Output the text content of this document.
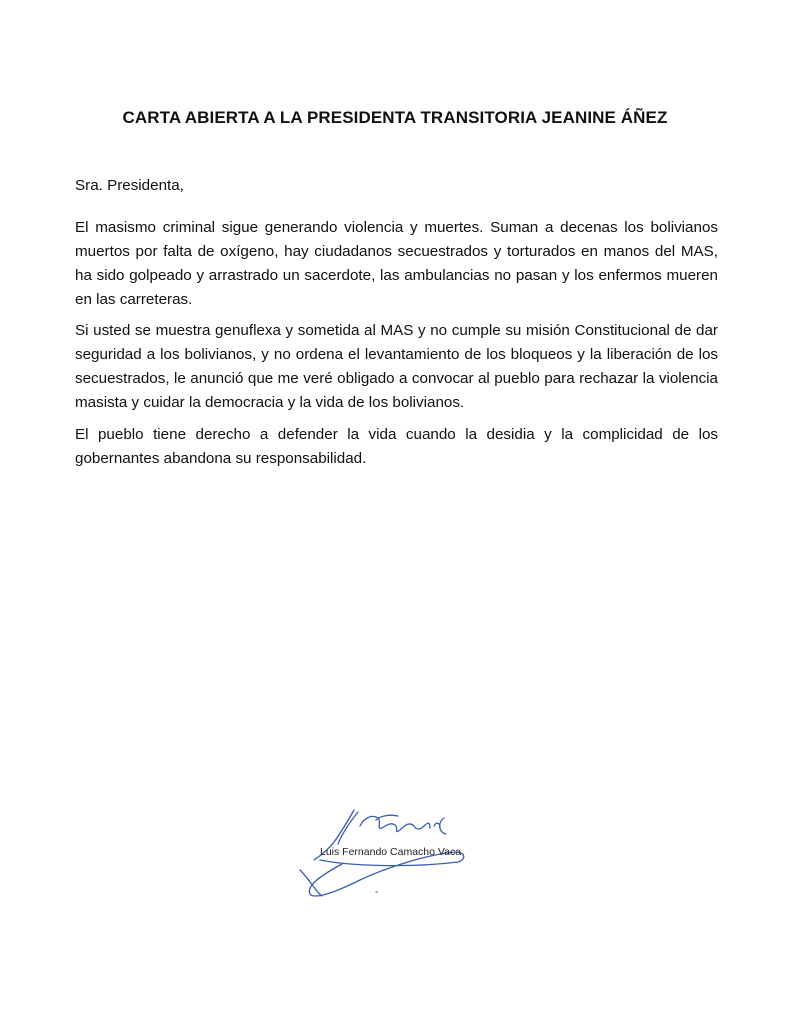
CARTA ABIERTA A LA PRESIDENTA TRANSITORIA JEANINE ÁÑEZ

Sra. Presidenta,

El masismo criminal sigue generando violencia y muertes. Suman a decenas los bolivianos muertos por falta de oxígeno, hay ciudadanos secuestrados y torturados en manos del MAS, ha sido golpeado y arrastrado un sacerdote, las ambulancias no pasan y los enfermos mueren en las carreteras.

Si usted se muestra genuflexa y sometida al MAS y no cumple su misión Constitucional de dar seguridad a los bolivianos, y no ordena el levantamiento de los bloqueos y la liberación de los secuestrados, le anunció que me veré obligado a convocar al pueblo para rechazar la violencia masista y cuidar la democracia y la vida de los bolivianos.

El pueblo tiene derecho a defender la vida cuando la desidia y la complicidad de los gobernantes abandona su responsabilidad.

Luis Fernando Camacho Vaca
